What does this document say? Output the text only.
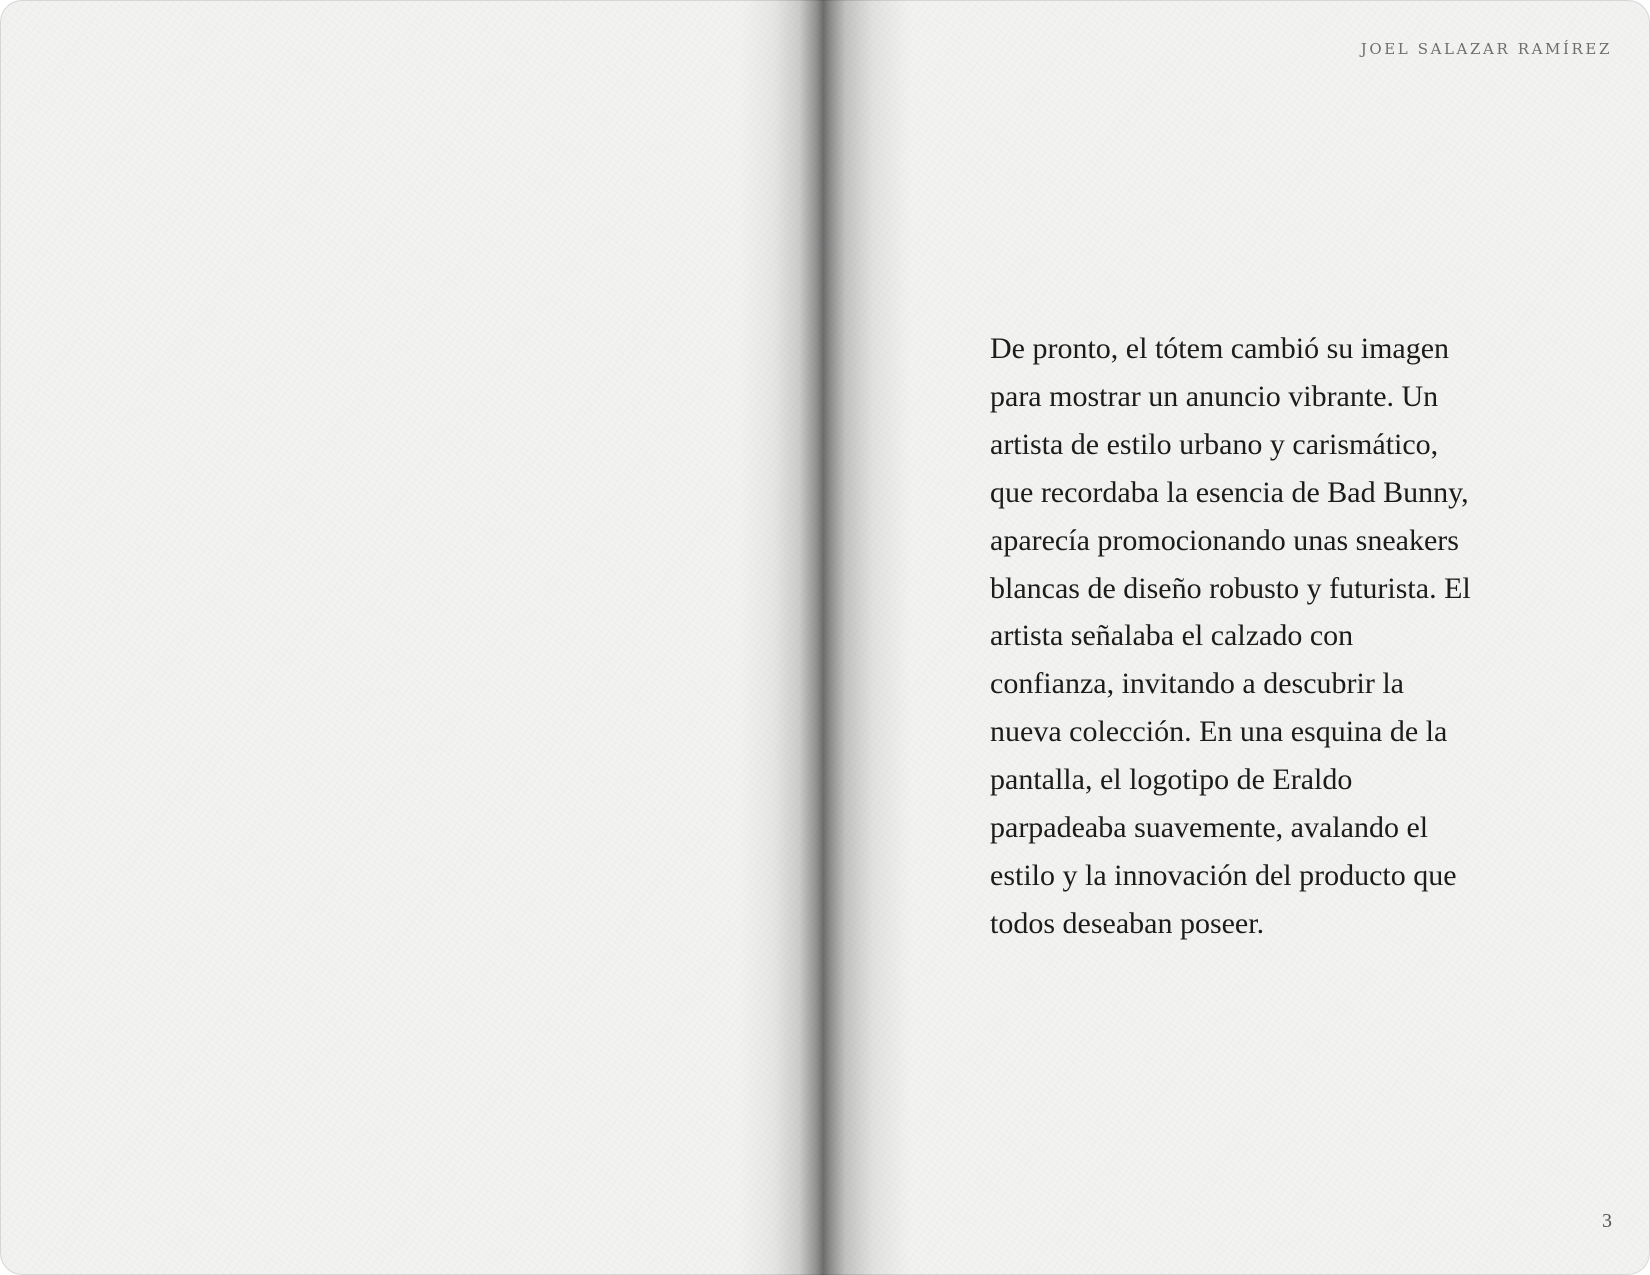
JOEL SALAZAR RAMÍREZ

De pronto, el tótem cambió su imagen
para mostrar un anuncio vibrante. Un
artista de estilo urbano y carismático,
que recordaba la esencia de Bad Bunny,
aparecía promocionando unas sneakers
blancas de diseño robusto y futurista. El
artista señalaba el calzado con
confianza, invitando a descubrir la
nueva colección. En una esquina de la
pantalla, el logotipo de Eraldo
parpadeaba suavemente, avalando el
estilo y la innovación del producto que
todos deseaban poseer.

3
